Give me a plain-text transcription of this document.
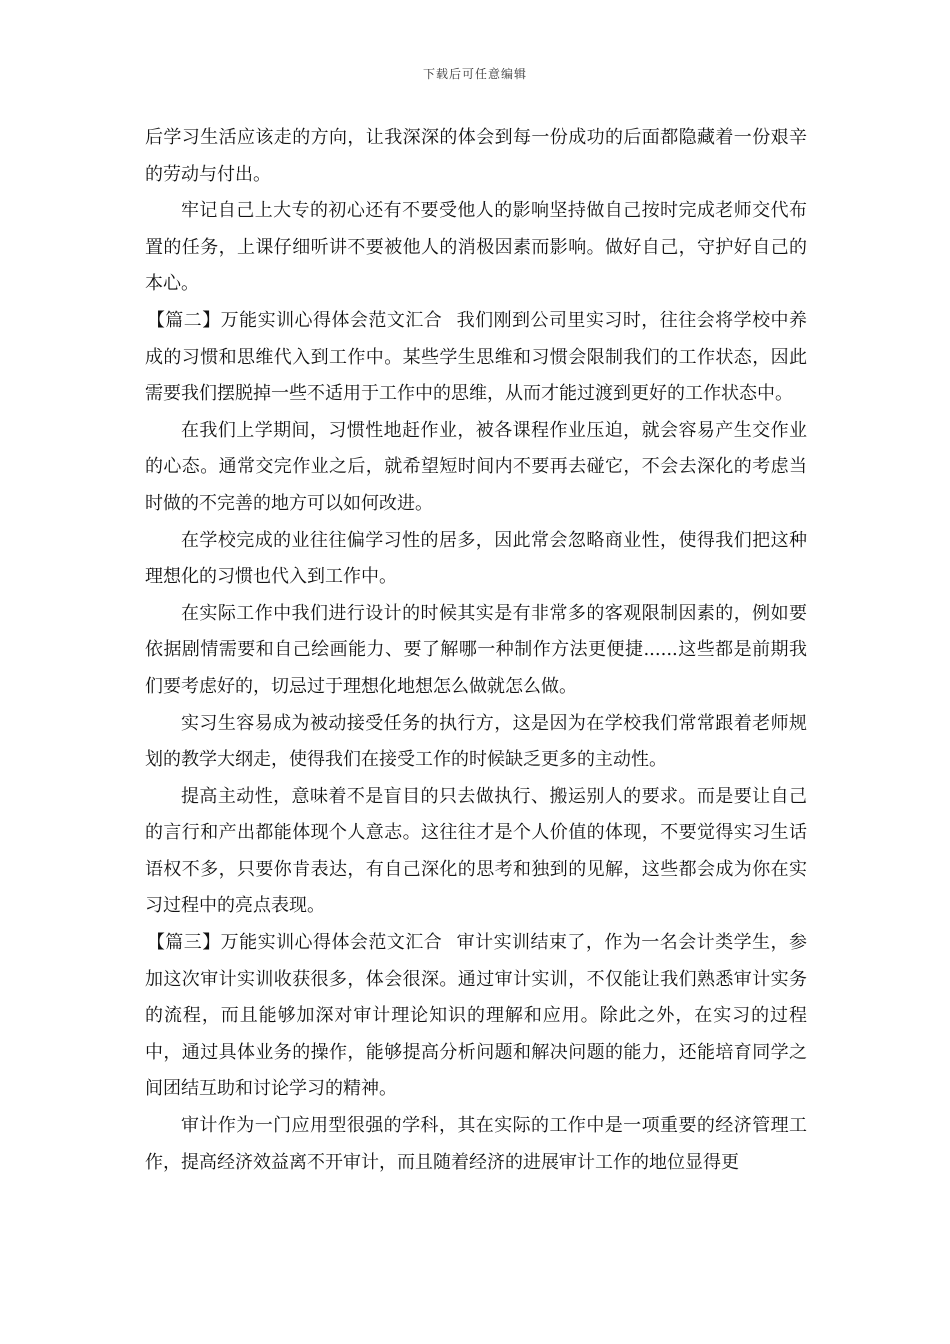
下载后可任意编辑

后学习生活应该走的方向，让我深深的体会到每一份成功的后面都隐藏着一份艰辛的劳动与付出。

牢记自己上大专的初心还有不要受他人的影响坚持做自己按时完成老师交代布置的任务，上课仔细听讲不要被他人的消极因素而影响。做好自己，守护好自己的本心。

【篇二】万能实训心得体会范文汇合 我们刚到公司里实习时，往往会将学校中养成的习惯和思维代入到工作中。某些学生思维和习惯会限制我们的工作状态，因此需要我们摆脱掉一些不适用于工作中的思维，从而才能过渡到更好的工作状态中。

在我们上学期间，习惯性地赶作业，被各课程作业压迫，就会容易产生交作业的心态。通常交完作业之后，就希望短时间内不要再去碰它，不会去深化的考虑当时做的不完善的地方可以如何改进。

在学校完成的业往往偏学习性的居多，因此常会忽略商业性，使得我们把这种理想化的习惯也代入到工作中。

在实际工作中我们进行设计的时候其实是有非常多的客观限制因素的，例如要依据剧情需要和自己绘画能力、要了解哪一种制作方法更便捷......这些都是前期我们要考虑好的，切忌过于理想化地想怎么做就怎么做。

实习生容易成为被动接受任务的执行方，这是因为在学校我们常常跟着老师规划的教学大纲走，使得我们在接受工作的时候缺乏更多的主动性。

提高主动性，意味着不是盲目的只去做执行、搬运别人的要求。而是要让自己的言行和产出都能体现个人意志。这往往才是个人价值的体现，不要觉得实习生话语权不多，只要你肯表达，有自己深化的思考和独到的见解，这些都会成为你在实习过程中的亮点表现。

【篇三】万能实训心得体会范文汇合 审计实训结束了，作为一名会计类学生，参加这次审计实训收获很多，体会很深。通过审计实训，不仅能让我们熟悉审计实务的流程，而且能够加深对审计理论知识的理解和应用。除此之外，在实习的过程中，通过具体业务的操作，能够提高分析问题和解决问题的能力，还能培育同学之间团结互助和讨论学习的精神。

审计作为一门应用型很强的学科，其在实际的工作中是一项重要的经济管理工作，提高经济效益离不开审计，而且随着经济的进展审计工作的地位显得更
